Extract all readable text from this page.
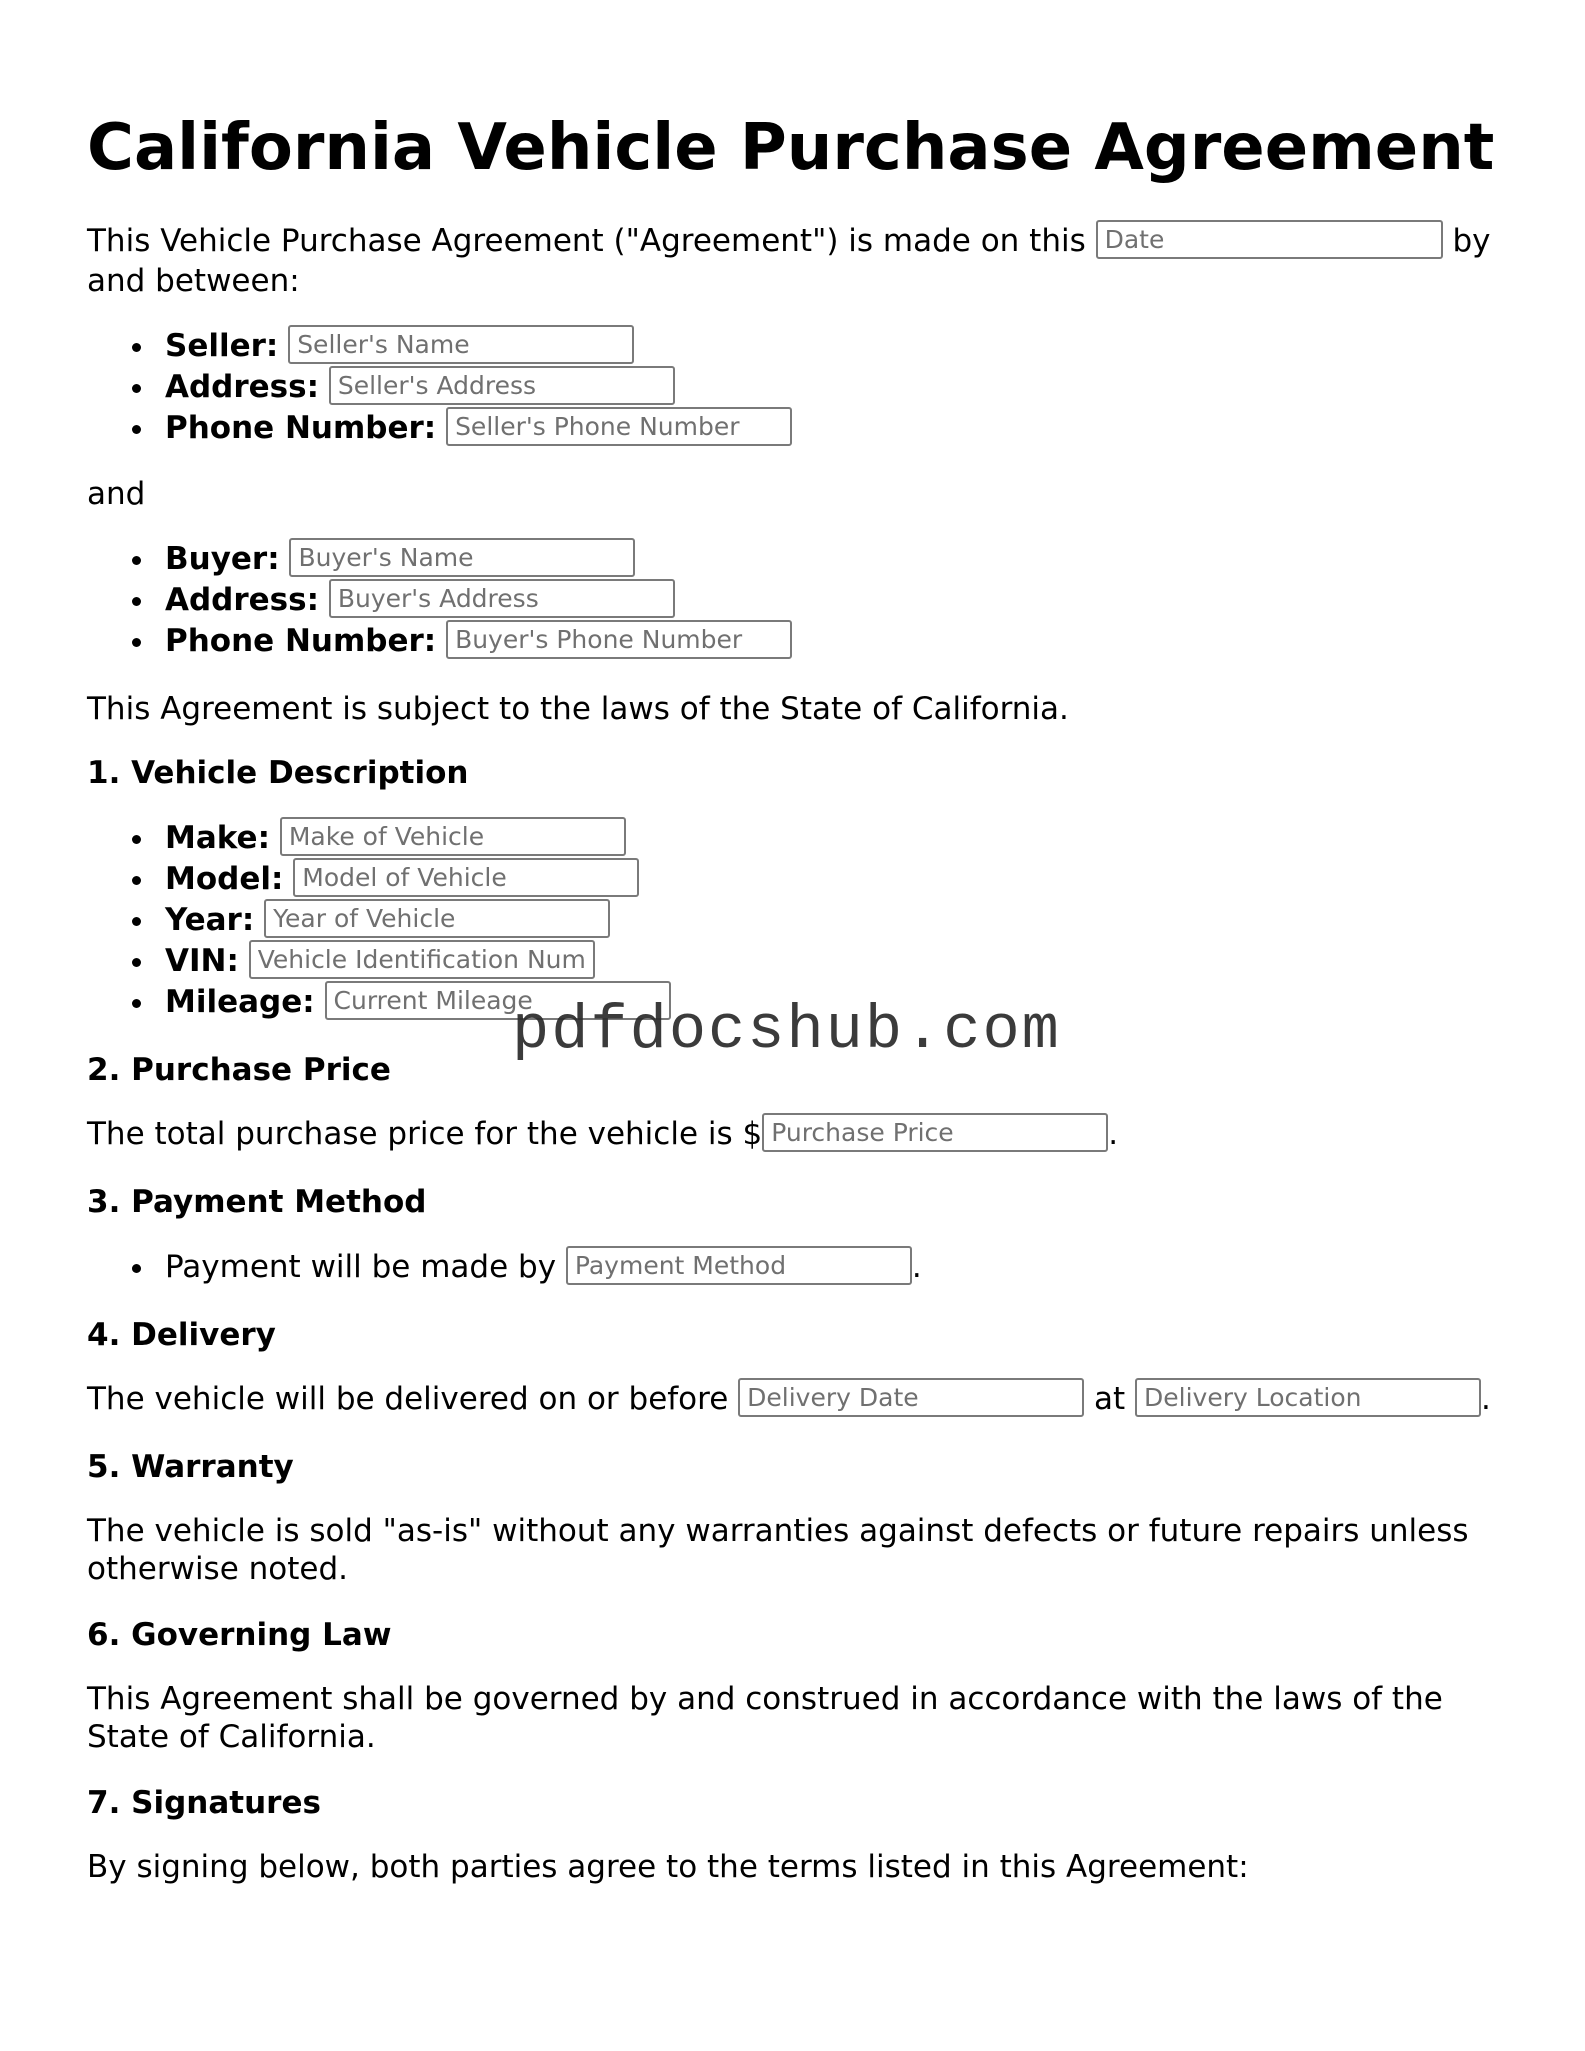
California Vehicle Purchase Agreement

This Vehicle Purchase Agreement ("Agreement") is made on this Date	by and between:

Seller: Seller's Name
Address: Seller's Address
Phone Number: Seller's Phone Number

and

Buyer: Buyer's Name
Address: Buyer's Address
Phone Number: Buyer's Phone Number

This Agreement is subject to the laws of the State of California.

1. Vehicle Description
Make: Make of Vehicle
Model: Model of Vehicle
Year: Year of Vehicle
VIN: Vehicle Identification Num
Mileage: Current Mileage
2. Purchase Price

The total purchase price for the vehicle is $ Purchase Price	.

3. Payment Method
Payment will be made by Payment Method	.
4. Delivery

The vehicle will be delivered on or before Delivery Date	at Delivery Location	.

5. Warranty

The vehicle is sold "as-is" without any warranties against defects or future repairs unless otherwise noted.

6. Governing Law

This Agreement shall be governed by and construed in accordance with the laws of the State of California.

7. Signatures

By signing below, both parties agree to the terms listed in this Agreement:

pdfdocshub.com
